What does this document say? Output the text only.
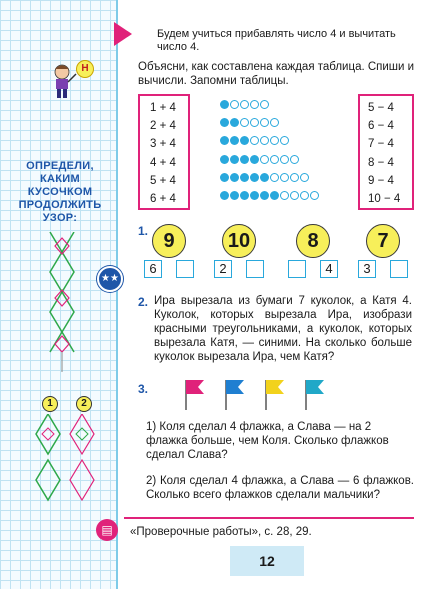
Н
ОПРЕДЕЛИ,
КАКИМ
КУСОЧКОМ
ПРОДОЛЖИТЬ
УЗОР:
★★
1	2
▤
Будем учиться прибавлять число 4 и вычитать число 4.
Объясни, как составлена каждая таблица. Спиши и вычисли. Запомни таблицы.
1 + 4
2 + 4
3 + 4
4 + 4
5 + 4
6 + 4
5 − 4
6 − 4
7 − 4
8 − 4
9 − 4
10 − 4
1. 9
6
10
2
8
4
7
3
2. Ира вырезала из бумаги 7 куколок, а Катя 4. Куколок, которых вырезала Ира, изобрази красными треугольниками, а куколок, которых вырезала Катя, — синими. На сколько больше куколок вырезала Ира, чем Катя?
3.
1) Коля сделал 4 флажка, а Слава — на 2 флажка больше, чем Коля. Сколько флажков сделал Слава?
2) Коля сделал 4 флажка, а Слава — 6 флажков. Сколько всего флажков сделали мальчики?
«Проверочные работы», с. 28, 29.
12
